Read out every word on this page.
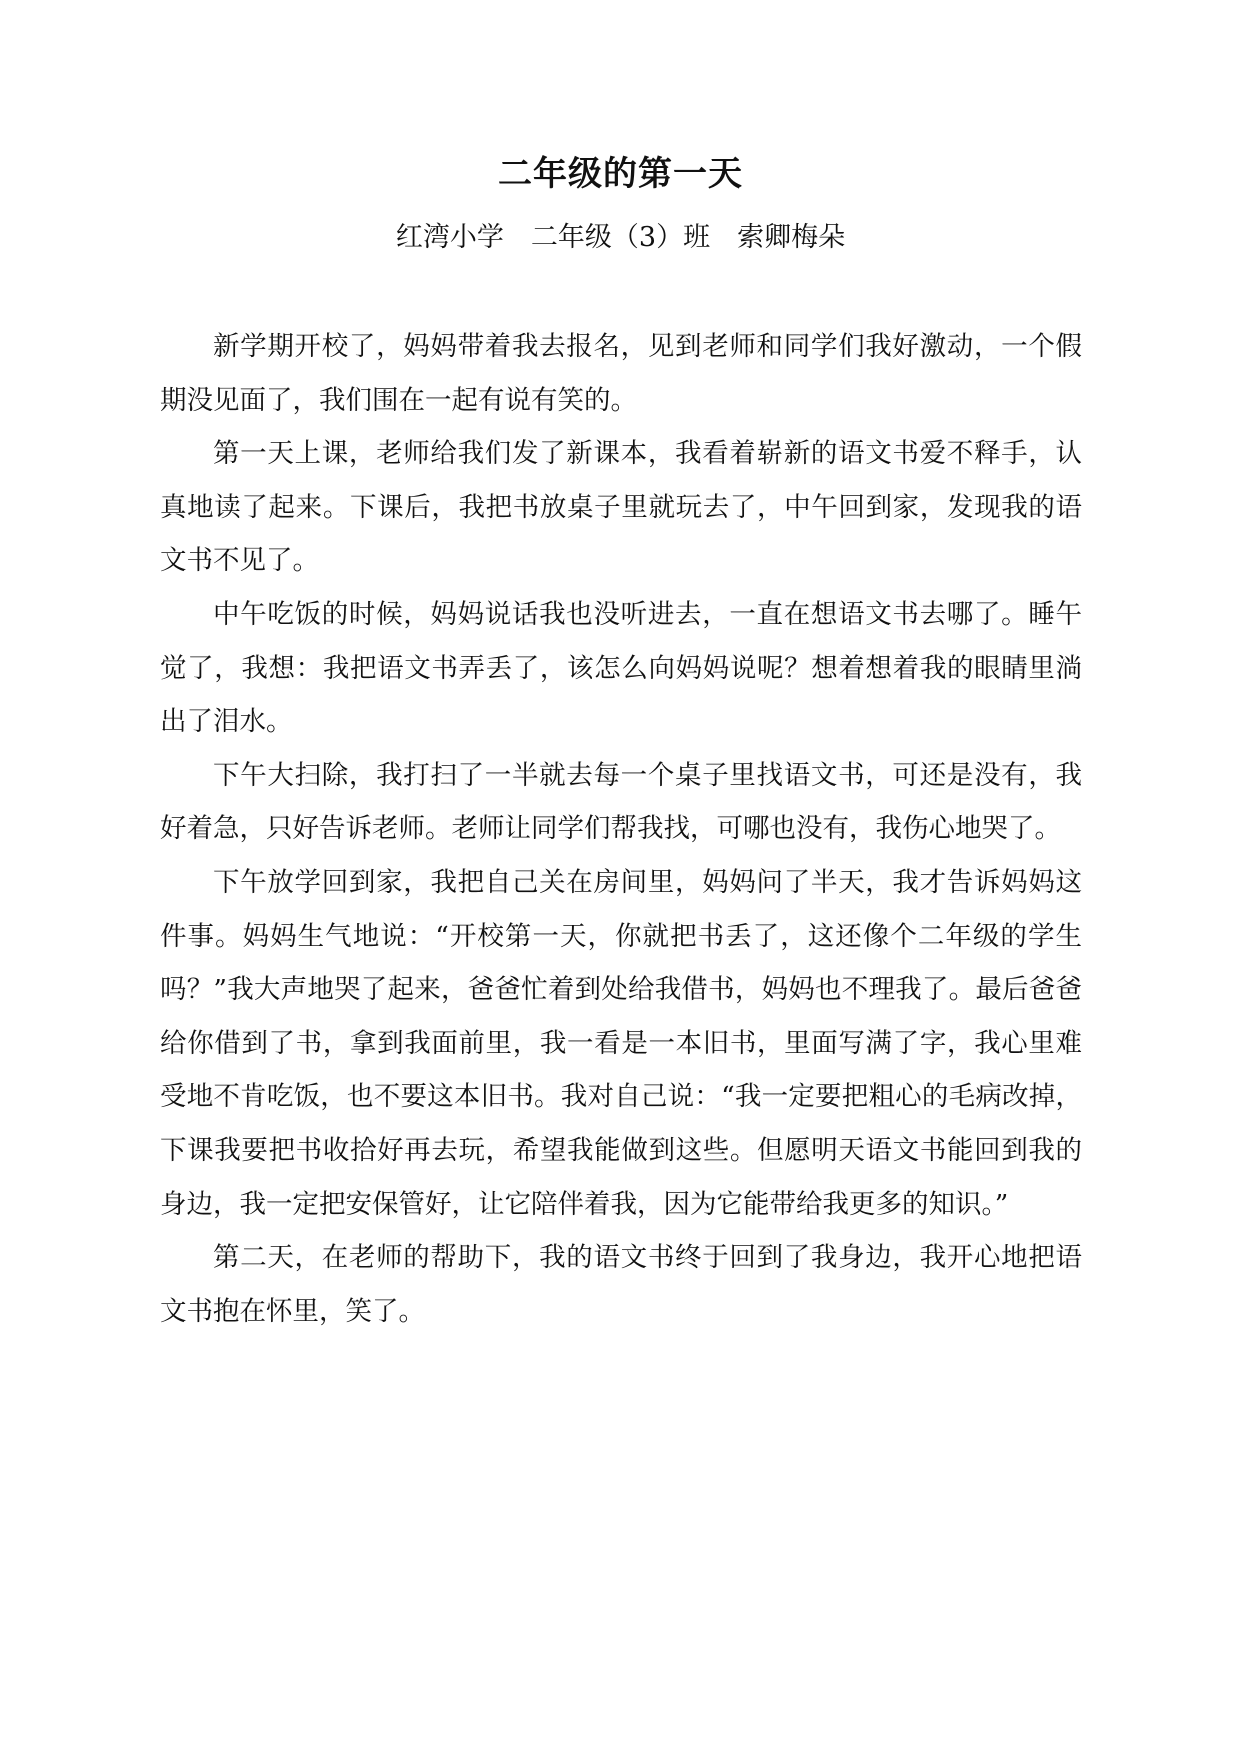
二年级的第一天
红湾小学　二年级（3）班　索卿梅朵

新学期开校了，妈妈带着我去报名，见到老师和同学们我好激动，一个假期没见面了，我们围在一起有说有笑的。

第一天上课，老师给我们发了新课本，我看着崭新的语文书爱不释手，认真地读了起来。下课后，我把书放桌子里就玩去了，中午回到家，发现我的语文书不见了。

中午吃饭的时候，妈妈说话我也没听进去，一直在想语文书去哪了。睡午觉了，我想：我把语文书弄丢了，该怎么向妈妈说呢？想着想着我的眼睛里淌出了泪水。

下午大扫除，我打扫了一半就去每一个桌子里找语文书，可还是没有，我好着急，只好告诉老师。老师让同学们帮我找，可哪也没有，我伤心地哭了。

下午放学回到家，我把自己关在房间里，妈妈问了半天，我才告诉妈妈这件事。妈妈生气地说：“开校第一天，你就把书丢了，这还像个二年级的学生吗？”我大声地哭了起来，爸爸忙着到处给我借书，妈妈也不理我了。最后爸爸给你借到了书，拿到我面前里，我一看是一本旧书，里面写满了字，我心里难受地不肯吃饭，也不要这本旧书。我对自己说：“我一定要把粗心的毛病改掉，下课我要把书收拾好再去玩，希望我能做到这些。但愿明天语文书能回到我的身边，我一定把安保管好，让它陪伴着我，因为它能带给我更多的知识。”

第二天，在老师的帮助下，我的语文书终于回到了我身边，我开心地把语文书抱在怀里，笑了。
